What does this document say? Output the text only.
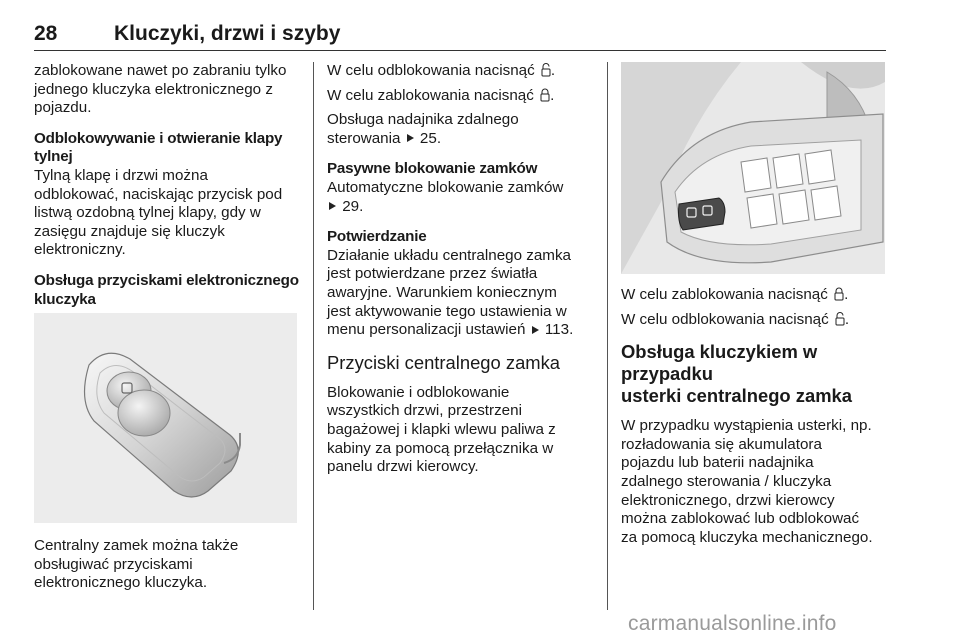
28	Kluczyki, drzwi i szyby

zablokowane nawet po zabraniu tylko
jednego kluczyka elektronicznego z
pojazdu.

Odblokowywanie i otwieranie klapy
tylnej

Tylną klapę i drzwi można
odblokować, naciskając przycisk pod
listwą ozdobną tylnej klapy, gdy w
zasięgu znajduje się kluczyk
elektroniczny.

Obsługa przyciskami elektronicznego
kluczyka

Centralny zamek można także
obsługiwać przyciskami
elektronicznego kluczyka.

W celu odblokowania nacisnąć .

W celu zablokowania nacisnąć .

Obsługa nadajnika zdalnego
sterowania 25.

Pasywne blokowanie zamków

Automatyczne blokowanie zamków
29.

Potwierdzanie

Działanie układu centralnego zamka
jest potwierdzane przez światła
awaryjne. Warunkiem koniecznym
jest aktywowanie tego ustawienia w
menu personalizacji ustawień 113.

Przyciski centralnego zamka

Blokowanie i odblokowanie
wszystkich drzwi, przestrzeni
bagażowej i klapki wlewu paliwa z
kabiny za pomocą przełącznika w
panelu drzwi kierowcy.

W celu zablokowania nacisnąć .

W celu odblokowania nacisnąć .

Obsługa kluczykiem w przypadku
usterki centralnego zamka

W przypadku wystąpienia usterki, np.
rozładowania się akumulatora
pojazdu lub baterii nadajnika
zdalnego sterowania / kluczyka
elektronicznego, drzwi kierowcy
można zablokować lub odblokować
za pomocą kluczyka mechanicznego.

carmanualsonline.info
